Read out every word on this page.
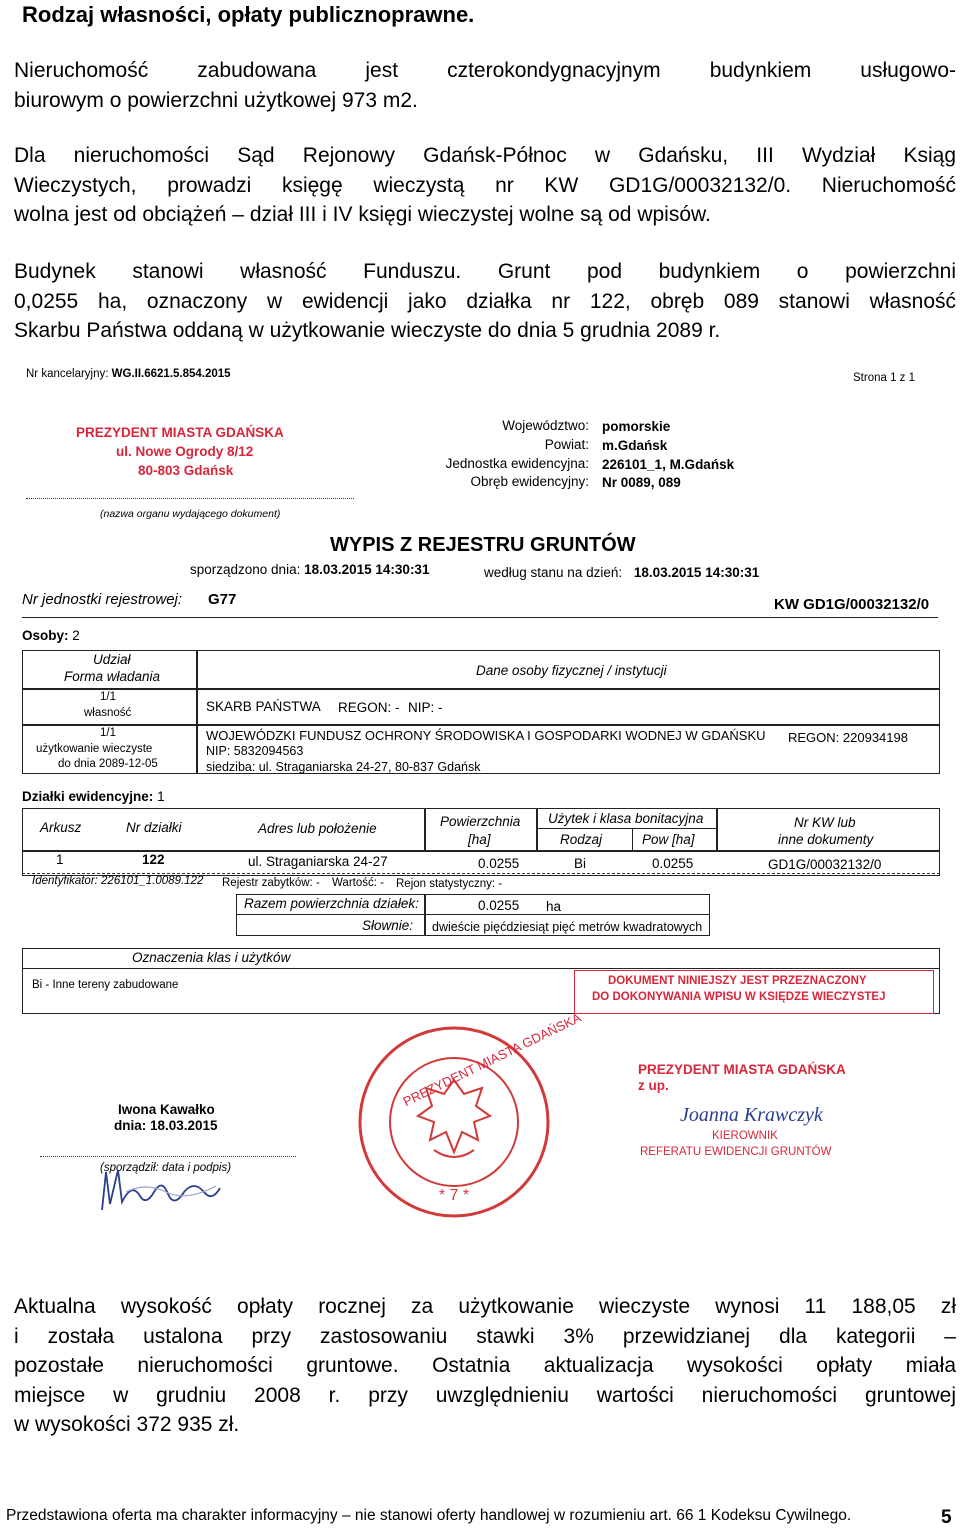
Rodzaj własności, opłaty publicznoprawne.
Nieruchomość zabudowana jest czterokondygnacyjnym budynkiem usługowo-
biurowym o powierzchni użytkowej 973 m2.
Dla nieruchomości Sąd Rejonowy Gdańsk-Północ w Gdańsku, III Wydział Ksiąg
Wieczystych, prowadzi księgę wieczystą nr KW GD1G/00032132/0. Nieruchomość
wolna jest od obciążeń – dział III i IV księgi wieczystej wolne są od wpisów.
Budynek stanowi własność Funduszu. Grunt pod budynkiem o powierzchni
0,0255 ha, oznaczony w ewidencji jako działka nr 122, obręb 089 stanowi własność
Skarbu Państwa oddaną w użytkowanie wieczyste do dnia 5 grudnia 2089 r.
Nr kancelaryjny: WG.II.6621.5.854.2015	Strona 1 z 1
PREZYDENT MIASTA GDAŃSKA
ul. Nowe Ogrody 8/12
80-803 Gdańsk
(nazwa organu wydającego dokument)
Województwo: pomorskie
Powiat: m.Gdańsk
Jednostka ewidencyjna: 226101_1, M.Gdańsk
Obręb ewidencyjny: Nr 0089, 089
WYPIS Z REJESTRU GRUNTÓW
sporządzono dnia: 18.03.2015 14:30:31	według stanu na dzień: 18.03.2015 14:30:31
Nr jednostki rejestrowej: G77	KW GD1G/00032132/0
Osoby: 2
Udział
Forma władania	Dane osoby fizycznej / instytucji
1/1
własność	SKARB PAŃSTWA REGON: - NIP: -
1/1
użytkowanie wieczyste
do dnia 2089-12-05
WOJEWÓDZKI FUNDUSZ OCHRONY ŚRODOWISKA I GOSPODARKI WODNEJ W GDAŃSKU REGON: 220934198
NIP: 5832094563
siedziba: ul. Straganiarska 24-27, 80-837 Gdańsk
Działki ewidencyjne: 1
Arkusz	Nr działki	Adres lub położenie	Powierzchnia
[ha]
Użytek i klasa bonitacyjna
Rodzaj	Pow [ha]
Nr KW lub
inne dokumenty
1	122	ul. Straganiarska 24-27	0.0255	Bi	0.0255	GD1G/00032132/0
Identyfikator: 226101_1.0089.122 Rejestr zabytków: - Wartość: - Rejon statystyczny: -
Razem powierzchnia działek:	0.0255 ha
Słownie: dwieście pięćdziesiąt pięć metrów kwadratowych
Oznaczenia klas i użytków
Bi - Inne tereny zabudowane	DOKUMENT NINIEJSZY JEST PRZEZNACZONY
DO DOKONYWANIA WPISU W KSIĘDZE WIECZYSTEJ
* 7 *
PREZYDENT MIASTA GDAŃSKA	PREZYDENT MIASTA GDAŃSKA
z up.
Joanna Krawczyk
KIEROWNIK
REFERATU EWIDENCJI GRUNTÓW
Iwona Kawałko
dnia: 18.03.2015
(sporządził: data i podpis)
Aktualna wysokość opłaty rocznej za użytkowanie wieczyste wynosi 11 188,05 zł
i została ustalona przy zastosowaniu stawki 3% przewidzianej dla kategorii –
pozostałe nieruchomości gruntowe. Ostatnia aktualizacja wysokości opłaty miała
miejsce w grudniu 2008 r. przy uwzględnieniu wartości nieruchomości gruntowej
w wysokości 372 935 zł.
Przedstawiona oferta ma charakter informacyjny – nie stanowi oferty handlowej w rozumieniu art. 66 1 Kodeksu Cywilnego.	5
